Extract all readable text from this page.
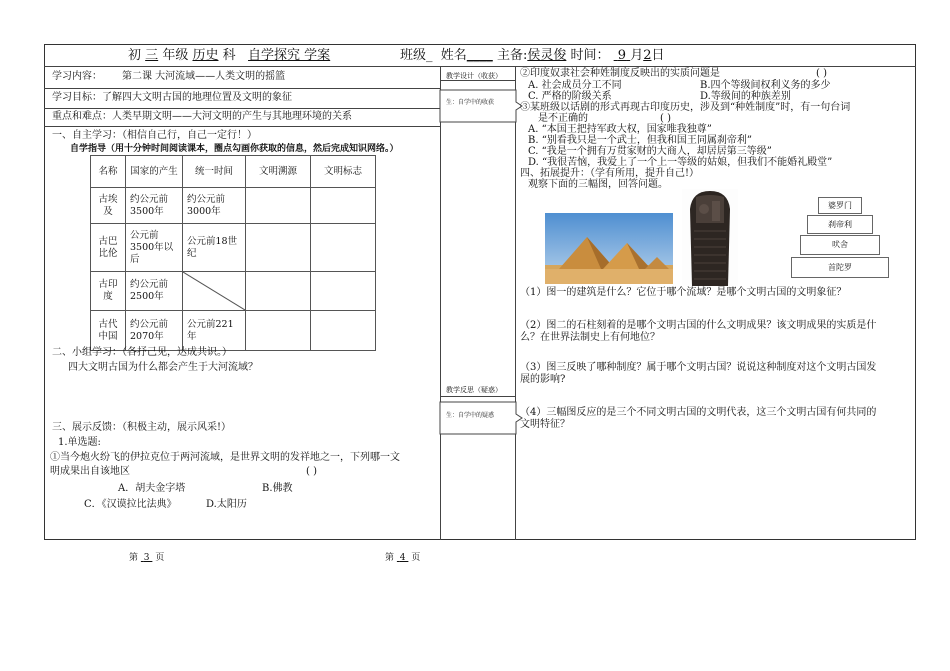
初 三 年级 历史 科 自学探究 学案	班级_ 姓名____ 主备:侯灵俊 时间： 9 月2日
学习内容： 第二课 大河流域——人类文明的摇篮
学习目标：了解四大文明古国的地理位置及文明的象征
重点和难点：人类早期文明——大河文明的产生与其地理环境的关系
一、自主学习：（相信自己行，自己一定行！）
自学指导（用十分钟时间阅读课本，圈点勾画你获取的信息，然后完成知识网络。）
名称	国家的产生	统一时间	文明溯源	文明标志
古埃及	约公元前3500年	约公元前3000年		
古巴比伦	公元前3500年以后	公元前18世纪		
古印度	约公元前2500年	

古代中国	约公元前2070年	公元前221年		
二、小组学习：（各抒己见，达成共识。）
四大文明古国为什么都会产生于大河流域？
三、展示反馈：（积极主动，展示风采!）
1.单选题:
①当今炮火纷飞的伊拉克位于两河流域，是世界文明的发祥地之一，下列哪一文
明成果出自该地区	( )
A．胡夫金字塔	B.佛教
C．《汉谟拉比法典》	D.太阳历
教学设计（收获）
生：自学中的收获
教学反思（疑惑）
生：自学中的疑惑
②印度奴隶社会种姓制度反映出的实质问题是	( )
A. 社会成员分工不同	B.四个等级间权利义务的多少
C. 严格的阶级关系	D.等级间的种族差别
③某班级以话剧的形式再现古印度历史，涉及到“种姓制度”时，有一句台词
是不正确的	( )
A. “本国王把持军政大权，国家唯我独尊”
B. “别看我只是一个武士，但我和国王同属刹帝利”
C. “我是一个拥有万贯家财的大商人，却居居第三等级”
D. “我很苦恼，我爱上了一个上一等级的姑娘，但我们不能婚礼殿堂”
四、拓展提升：（学有所用，提升自己!）
观察下面的三幅图，回答问题。
婆罗门
刹帝利
吠舍
首陀罗
（1）图一的建筑是什么？它位于哪个流域？是哪个文明古国的文明象征？
（2）图二的石柱刻着的是哪个文明古国的什么文明成果？该文明成果的实质是什
么？在世界法制史上有何地位？
（3）图三反映了哪种制度？属于哪个文明古国？说说这种制度对这个文明古国发
展的影响?
（4）三幅图反应的是三个不同文明古国的文明代表，这三个文明古国有何共同的
文明特征？
第 3 页	第 4 页
